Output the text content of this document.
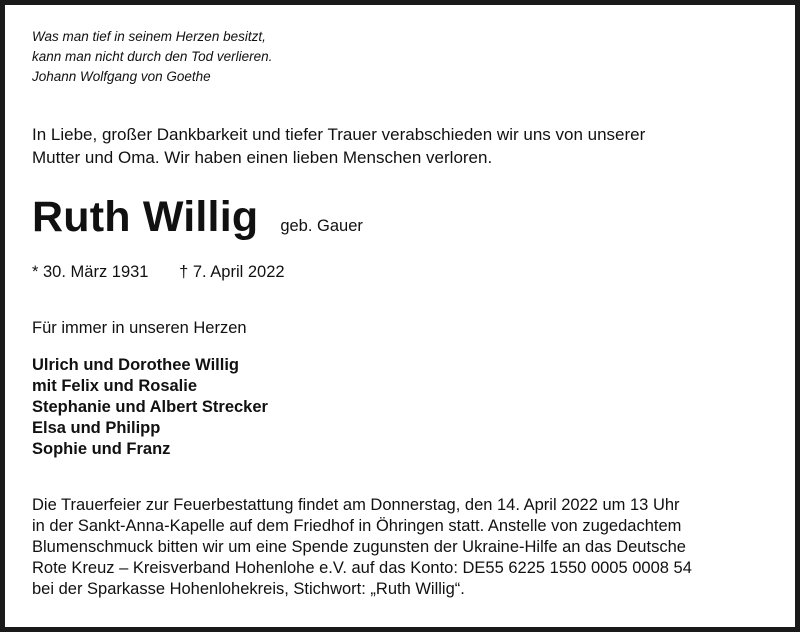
Was man tief in seinem Herzen besitzt,
kann man nicht durch den Tod verlieren.
Johann Wolfgang von Goethe
In Liebe, großer Dankbarkeit und tiefer Trauer verabschieden wir uns von unserer
Mutter und Oma. Wir haben einen lieben Menschen verloren.
Ruth Willig geb. Gauer
* 30. März 1931 † 7. April 2022
Für immer in unseren Herzen
Ulrich und Dorothee Willig
mit Felix und Rosalie
Stephanie und Albert Strecker
Elsa und Philipp
Sophie und Franz
Die Trauerfeier zur Feuerbestattung findet am Donnerstag, den 14. April 2022 um 13 Uhr
in der Sankt-Anna-Kapelle auf dem Friedhof in Öhringen statt. Anstelle von zugedachtem
Blumenschmuck bitten wir um eine Spende zugunsten der Ukraine-Hilfe an das Deutsche
Rote Kreuz – Kreisverband Hohenlohe e.V. auf das Konto: DE55 6225 1550 0005 0008 54
bei der Sparkasse Hohenlohekreis, Stichwort: „Ruth Willig“.
